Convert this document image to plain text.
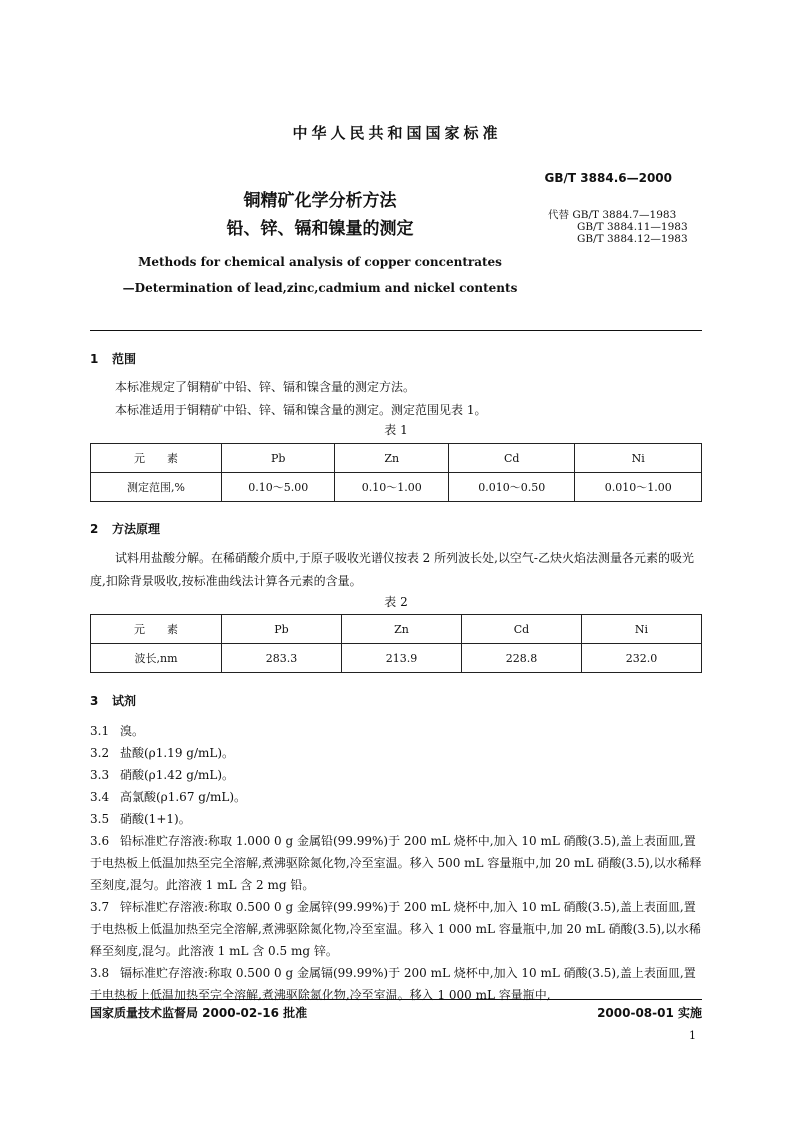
中华人民共和国国家标准
GB/T 3884.6—2000
铜精矿化学分析方法
铅、锌、镉和镍量的测定
代替 GB/T 3884.7—1983
GB/T 3884.11—1983
GB/T 3884.12—1983
Methods for chemical analysis of copper concentrates
—Determination of lead,zinc,cadmium and nickel contents
1 范围
本标准规定了铜精矿中铅、锌、镉和镍含量的测定方法。
本标准适用于铜精矿中铅、锌、镉和镍含量的测定。测定范围见表 1。
表 1
元　　素	Pb	Zn	Cd	Ni
测定范围,%	0.10～5.00	0.10～1.00	0.010～0.50	0.010～1.00
2 方法原理
试料用盐酸分解。在稀硝酸介质中,于原子吸收光谱仪按表 2 所列波长处,以空气-乙炔火焰法测量各元素的吸光度,扣除背景吸收,按标准曲线法计算各元素的含量。
表 2
元　　素	Pb	Zn	Cd	Ni
波长,nm	283.3	213.9	228.8	232.0
3 试剂
3.1 溴。
3.2 盐酸(ρ1.19 g/mL)。
3.3 硝酸(ρ1.42 g/mL)。
3.4 高氯酸(ρ1.67 g/mL)。
3.5 硝酸(1+1)。
3.6 铅标准贮存溶液:称取 1.000 0 g 金属铅(99.99%)于 200 mL 烧杯中,加入 10 mL 硝酸(3.5),盖上表面皿,置于电热板上低温加热至完全溶解,煮沸驱除氮化物,冷至室温。移入 500 mL 容量瓶中,加 20 mL 硝酸(3.5),以水稀释至刻度,混匀。此溶液 1 mL 含 2 mg 铅。
3.7 锌标准贮存溶液:称取 0.500 0 g 金属锌(99.99%)于 200 mL 烧杯中,加入 10 mL 硝酸(3.5),盖上表面皿,置于电热板上低温加热至完全溶解,煮沸驱除氮化物,冷至室温。移入 1 000 mL 容量瓶中,加 20 mL 硝酸(3.5),以水稀释至刻度,混匀。此溶液 1 mL 含 0.5 mg 锌。
3.8 镉标准贮存溶液:称取 0.500 0 g 金属镉(99.99%)于 200 mL 烧杯中,加入 10 mL 硝酸(3.5),盖上表面皿,置于电热板上低温加热至完全溶解,煮沸驱除氮化物,冷至室温。移入 1 000 mL 容量瓶中,
国家质量技术监督局 2000-02-16 批准	2000-08-01 实施
1
